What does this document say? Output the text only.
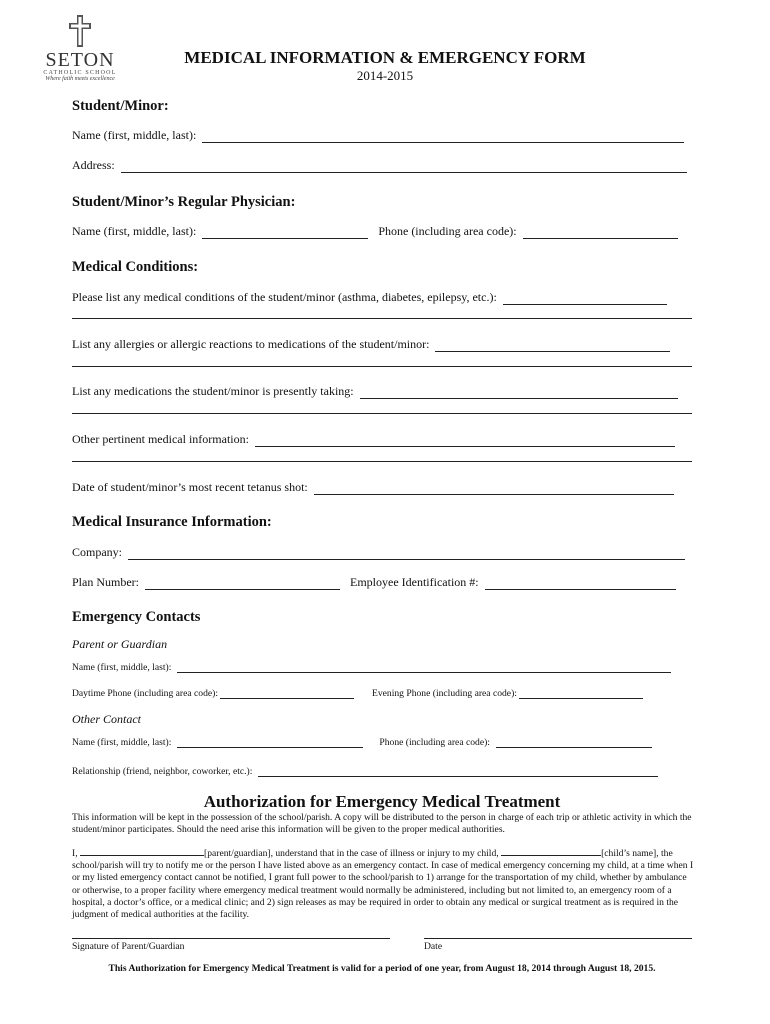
SETON
CATHOLIC SCHOOL
Where faith meets excellence
MEDICAL INFORMATION & EMERGENCY FORM
2014-2015
Student/Minor:
Name (first, middle, last):
Address:
Student/Minor’s Regular Physician:
Name (first, middle, last):	Phone (including area code):
Medical Conditions:
Please list any medical conditions of the student/minor (asthma, diabetes, epilepsy, etc.):
List any allergies or allergic reactions to medications of the student/minor:
List any medications the student/minor is presently taking:
Other pertinent medical information:
Date of student/minor’s most recent tetanus shot:
Medical Insurance Information:
Company:
Plan Number:	Employee Identification #:
Emergency Contacts
Parent or Guardian
Name (first, middle, last):
Daytime Phone (including area code):	Evening Phone (including area code):
Other Contact
Name (first, middle, last):	Phone (including area code):
Relationship (friend, neighbor, coworker, etc.):
Authorization for Emergency Medical Treatment
This information will be kept in the possession of the school/parish. A copy will be distributed to the person in charge of each trip or athletic activity in which the student/minor participates. Should the need arise this information will be given to the proper medical authorities.
I,	[parent/guardian], understand that in the case of illness or injury to my child,	[child’s name], the
school/parish will try to notify me or the person I have listed above as an emergency contact. In case of medical emergency concerning my child, at a time when I or my listed emergency contact cannot be notified, I grant full power to the school/parish to 1) arrange for the transportation of my child, whether by ambulance or otherwise, to a proper facility where emergency medical treatment would normally be administered, including but not limited to, an emergency room of a hospital, a doctor’s office, or a medical clinic; and 2) sign releases as may be required in order to obtain any medical or surgical treatment as is required in the judgment of medical authorities at the facility.
Signature of Parent/Guardian	Date
This Authorization for Emergency Medical Treatment is valid for a period of one year, from August 18, 2014 through August 18, 2015.
